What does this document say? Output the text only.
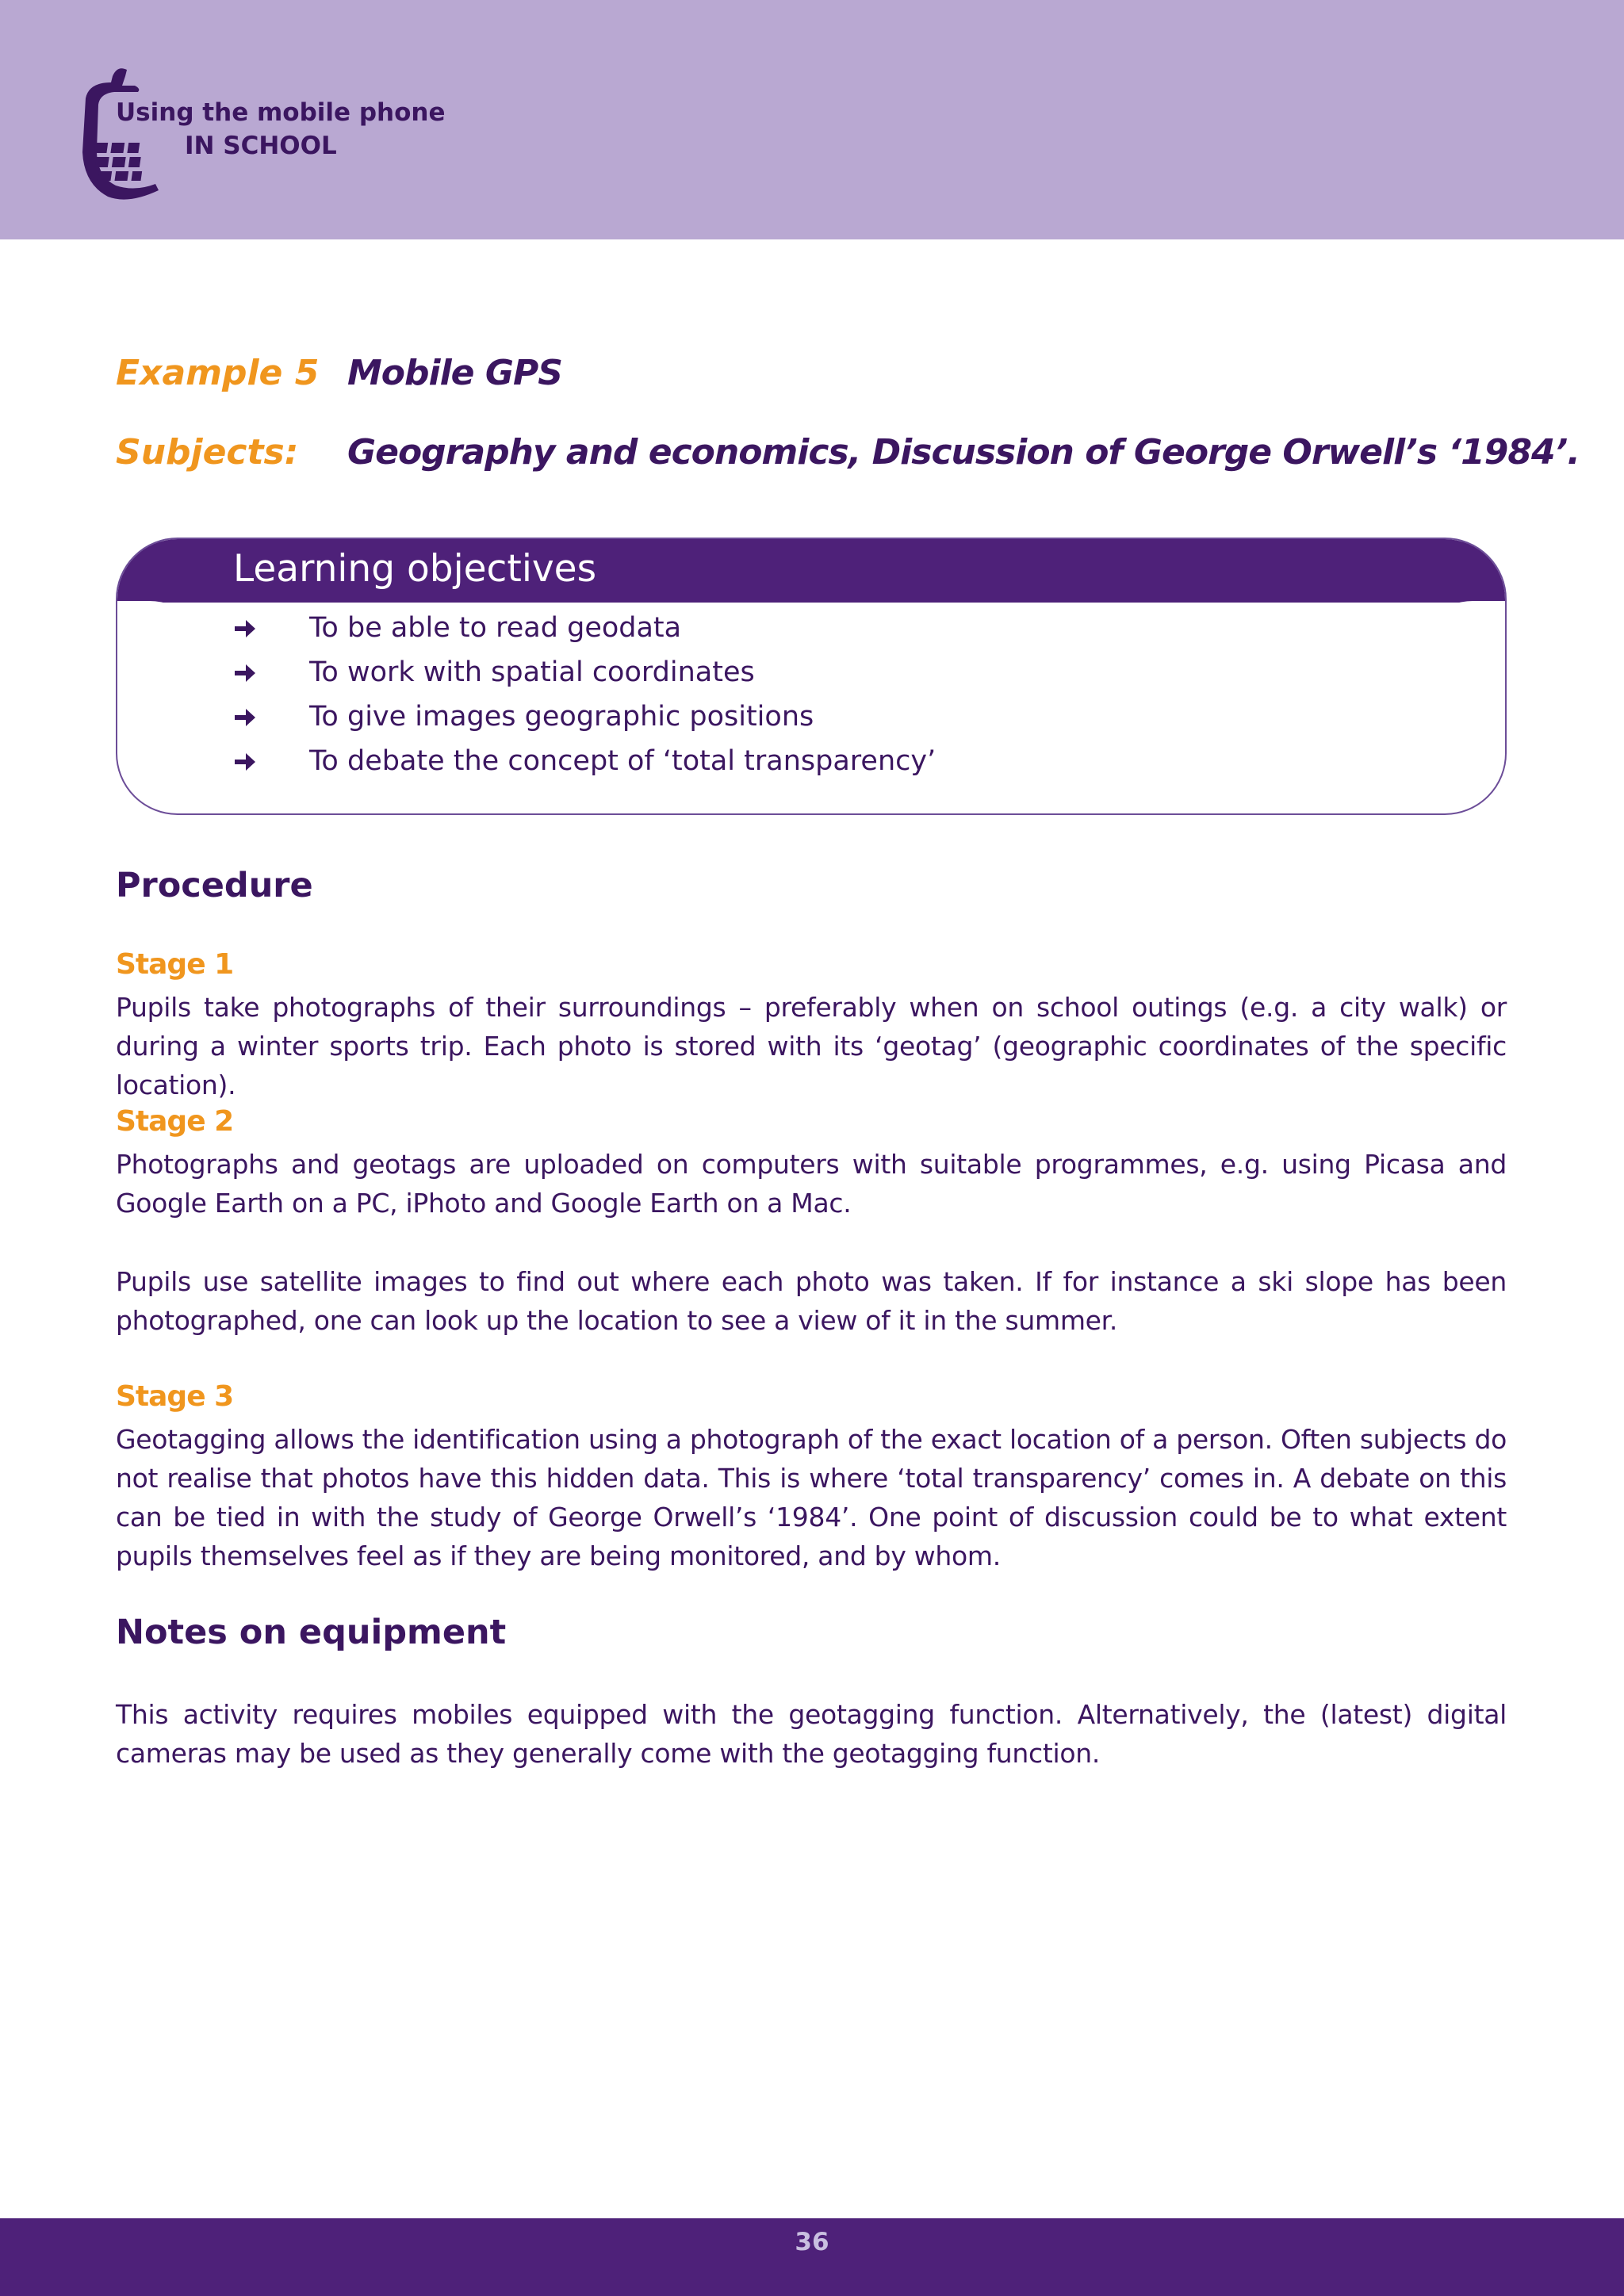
Using the mobile phone
IN SCHOOL
Example 5 Mobile GPS
Subjects: Geography and economics, Discussion of George Orwell’s ‘1984’.
Learning objectives
To be able to read geodata
To work with spatial coordinates
To give images geographic positions
To debate the concept of ‘total transparency’
Procedure
Stage 1
Pupils take photographs of their surroundings – preferably when on school outings (e.g. a city walk) or during a winter sports trip. Each photo is stored with its ‘geotag’ (geographic coordinates of the specific location).
Stage 2
Photographs and geotags are uploaded on computers with suitable programmes, e.g. using Picasa and Google Earth on a PC, iPhoto and Google Earth on a Mac.
Pupils use satellite images to find out where each photo was taken. If for instance a ski slope has been photographed, one can look up the location to see a view of it in the summer.
Stage 3
Geotagging allows the identification using a photograph of the exact location of a person. Often subjects do not realise that photos have this hidden data. This is where ‘total transparency’ comes in. A debate on this can be tied in with the study of George Orwell’s ‘1984’. One point of discussion could be to what extent pupils themselves feel as if they are being monitored, and by whom.
Notes on equipment
This activity requires mobiles equipped with the geotagging function. Alternatively, the (latest) digital cameras may be used as they generally come with the geotagging function.
36
